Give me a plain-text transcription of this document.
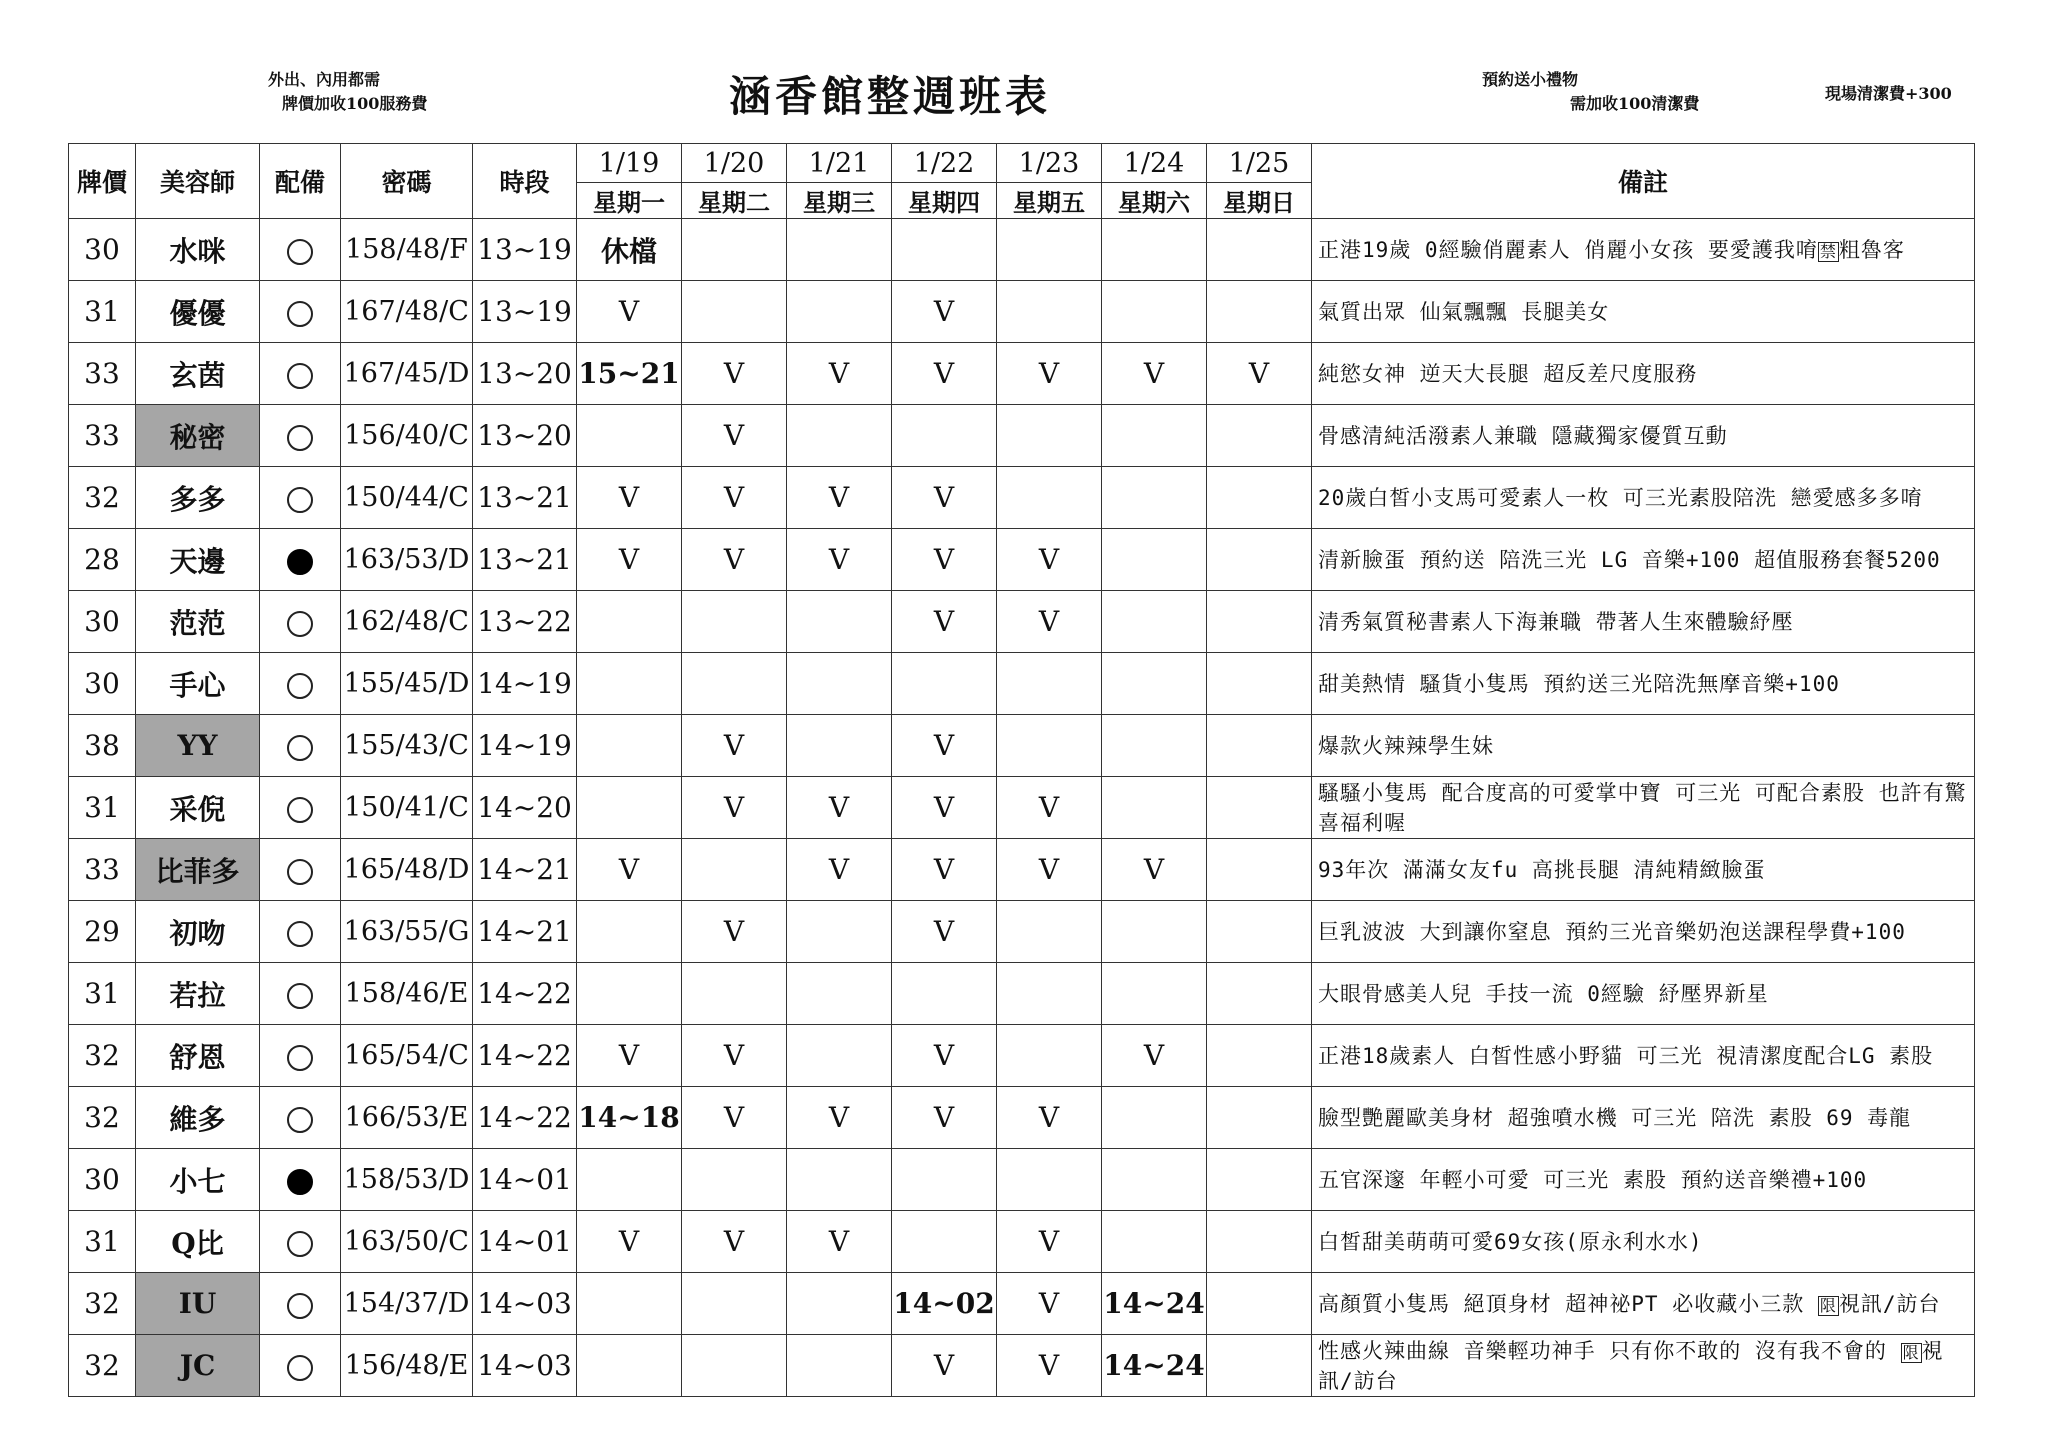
外出、內用都需
牌價加收100服務費	涵香館整週班表	預約送小禮物
需加收100清潔費
現場清潔費+300
牌價	美容師	配備	密碼	時段	1/19	1/20	1/21	1/22	1/23	1/24	1/25	備註
					星期一	星期二	星期三	星期四	星期五	星期六	星期日	
30	水咪		158/48/F	13~19	休檔							正港19歲 0經驗俏麗素人 俏麗小女孩 要愛護我唷 禁粗魯客
31	優優		167/48/C	13~19	V			V				氣質出眾 仙氣飄飄 長腿美女
33	玄茵		167/45/D	13~20	15~21	V	V	V	V	V	V	純慾女神 逆天大長腿 超反差尺度服務
33	秘密		156/40/C	13~20		V						骨感清純活潑素人兼職 隱藏獨家優質互動
32	多多		150/44/C	13~21	V	V	V	V				20歲白皙小支馬可愛素人一枚 可三光素股陪洗 戀愛感多多唷
28	天邊		163/53/D	13~21	V	V	V	V	V			清新臉蛋 預約送 陪洗三光 LG 音樂+100 超值服務套餐5200
30	范范		162/48/C	13~22				V	V			清秀氣質秘書素人下海兼職 帶著人生來體驗紓壓
30	手心		155/45/D	14~19								甜美熱情 騷貨小隻馬 預約送三光陪洗無摩音樂+100
38	YY		155/43/C	14~19		V		V				爆款火辣辣學生妹
31	采倪		150/41/C	14~20		V	V	V	V			騷騷小隻馬 配合度高的可愛掌中寶 可三光 可配合素股 也許有驚喜福利喔
33	比菲多		165/48/D	14~21	V		V	V	V	V		93年次 滿滿女友fu 高挑長腿 清純精緻臉蛋
29	初吻		163/55/G	14~21		V		V				巨乳波波 大到讓你窒息 預約三光音樂奶泡送課程學費+100
31	若拉		158/46/E	14~22								大眼骨感美人兒 手技一流 0經驗 紓壓界新星
32	舒恩		165/54/C	14~22	V	V		V		V		正港18歲素人 白皙性感小野貓 可三光 視清潔度配合LG 素股
32	維多		166/53/E	14~22	14~18	V	V	V	V			臉型艷麗歐美身材 超強噴水機 可三光 陪洗 素股 69 毒龍
30	小七		158/53/D	14~01								五官深邃 年輕小可愛 可三光 素股 預約送音樂禮+100
31	Q比		163/50/C	14~01	V	V	V		V			白皙甜美萌萌可愛69女孩(原永利水水)
32	IU		154/37/D	14~03				14~02	V	14~24		高顏質小隻馬 絕頂身材 超神祕PT 必收藏小三款 限視訊/訪台
32	JC		156/48/E	14~03				V	V	14~24		性感火辣曲線 音樂輕功神手 只有你不敢的 沒有我不會的 限視訊/訪台
